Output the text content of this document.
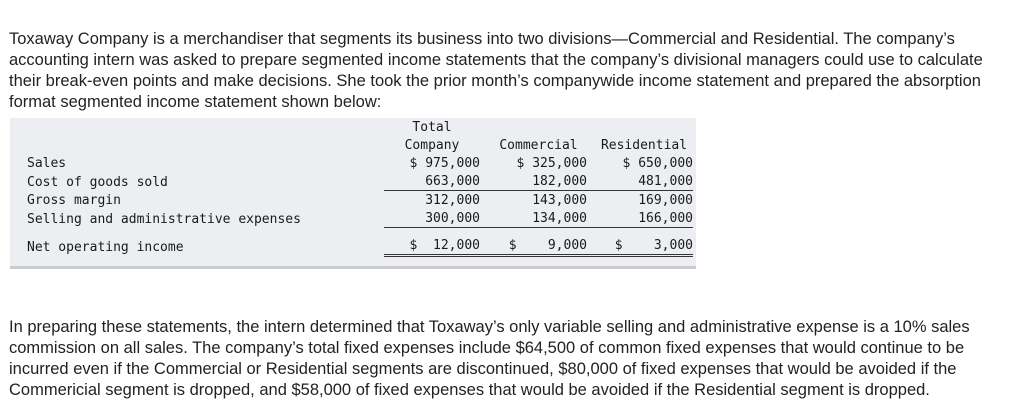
Toxaway Company is a merchandiser that segments its business into two divisions—Commercial and Residential. The company’s accounting intern was asked to prepare segmented income statements that the company’s divisional managers could use to calculate their break-even points and make decisions. She took the prior month’s companywide income statement and prepared the absorption format segmented income statement shown below:

	Total		
	Company	Commercial	Residential
Sales	$ 975,000	$ 325,000	$ 650,000
Cost of goods sold	663,000	182,000	481,000
Gross margin	312,000	143,000	169,000
Selling and administrative expenses	300,000	134,000	166,000

Net operating income	$  12,000	$    9,000	$    3,000

In preparing these statements, the intern determined that Toxaway’s only variable selling and administrative expense is a 10% sales commission on all sales. The company’s total fixed expenses include $64,500 of common fixed expenses that would continue to be incurred even if the Commercial or Residential segments are discontinued, $80,000 of fixed expenses that would be avoided if the Commericial segment is dropped, and $58,000 of fixed expenses that would be avoided if the Residential segment is dropped.
